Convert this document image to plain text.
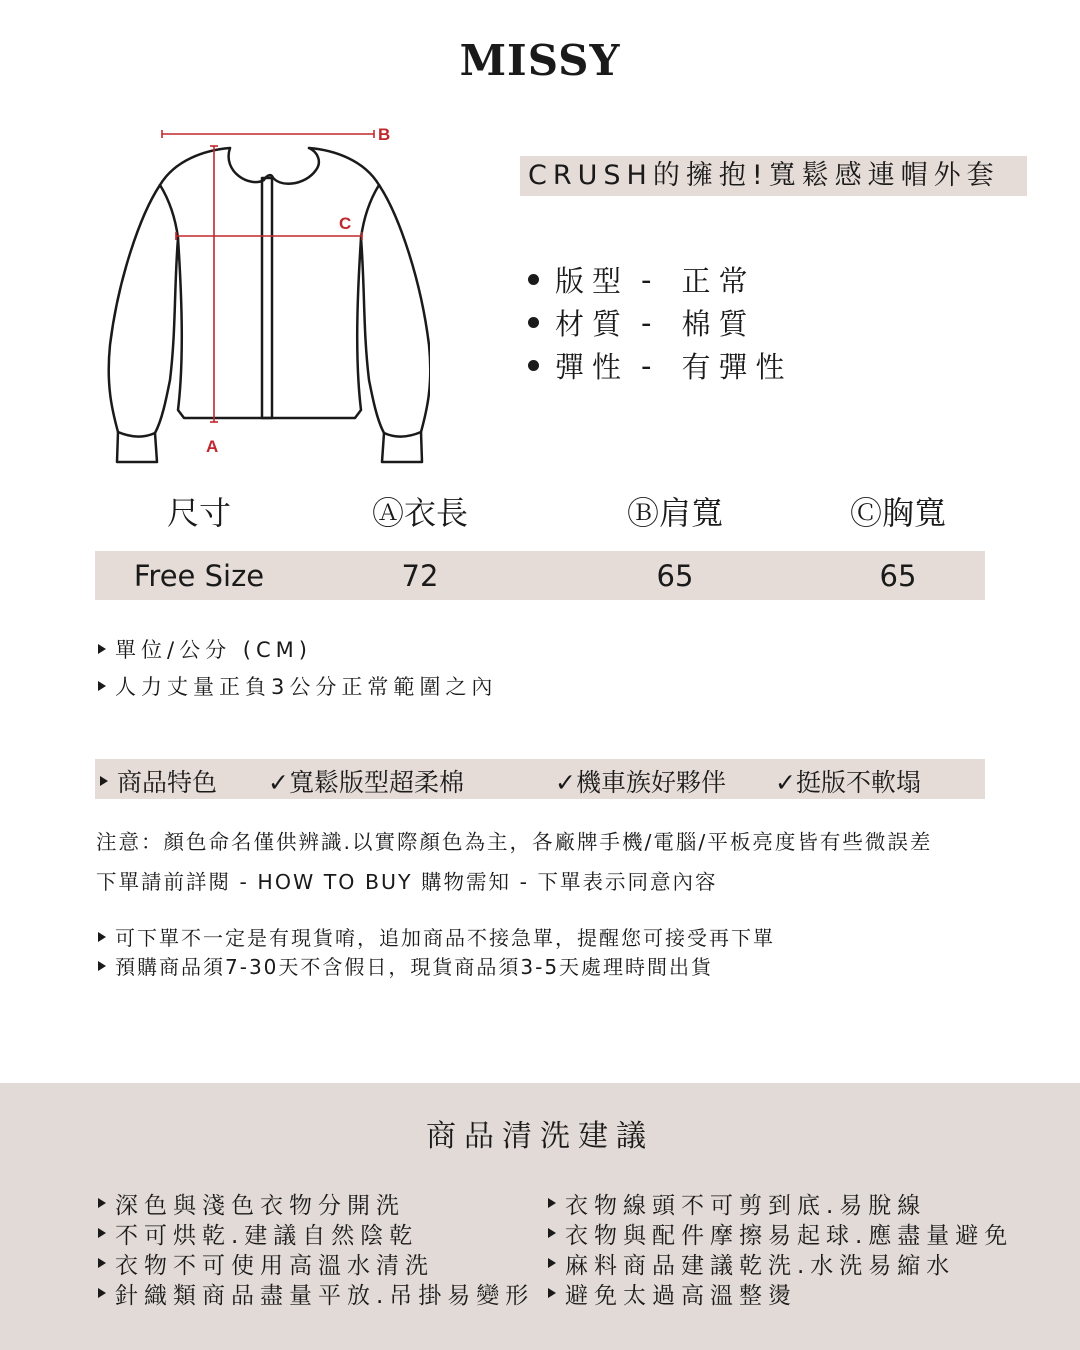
MISSY
B
C
A
CRUSH的擁抱!寬鬆感連帽外套
版型 - 正常
材質 - 棉質
彈性 - 有彈性
尺寸	Ⓐ衣長	Ⓑ肩寬	Ⓒ胸寬
Free Size	72	65	65
單位/公分 (CM)
人力丈量正負3公分正常範圍之內
商品特色 ✓寬鬆版型超柔棉	✓機車族好夥伴 ✓挺版不軟塌
注意：顏色命名僅供辨識.以實際顏色為主，各廠牌手機/電腦/平板亮度皆有些微誤差
下單請前詳閱 - HOW TO BUY 購物需知 - 下單表示同意內容
可下單不一定是有現貨唷，追加商品不接急單，提醒您可接受再下單
預購商品須7-30天不含假日，現貨商品須3-5天處理時間出貨
商品清洗建議
深色與淺色衣物分開洗
不可烘乾.建議自然陰乾
衣物不可使用高溫水清洗
針織類商品盡量平放.吊掛易變形
衣物線頭不可剪到底.易脫線
衣物與配件摩擦易起球.應盡量避免
麻料商品建議乾洗.水洗易縮水
避免太過高溫整燙
